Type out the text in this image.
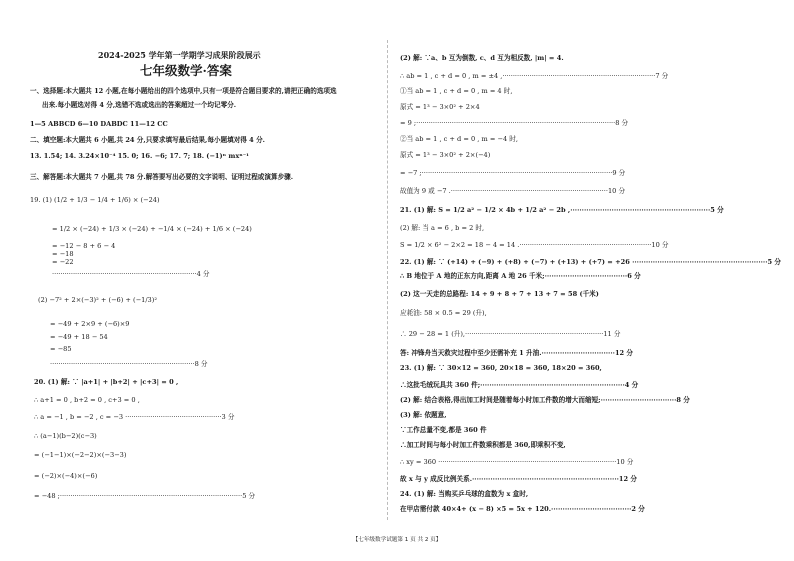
2024-2025 学年第一学期学习成果阶段展示
七年级数学·答案
一、选择题:本大题共 12 小题,在每小题给出的四个选项中,只有一项是符合题目要求的,请把正确的选项选
出来.每小题选对得 4 分,选错不选或选出的答案超过一个均记零分.
1—5 ABBCD 6—10 DABDC 11—12 CC
二、填空题:本大题共 6 小题,共 24 分,只要求填写最后结果,每小题填对得 4 分.
13. 1.54; 14. 3.24×10⁻⁴ 15. 0; 16. −6; 17. 7; 18. (−1)ⁿ mxⁿ⁻¹
三、解答题:本大题共 7 小题,共 78 分.解答要写出必要的文字说明、证明过程或演算步骤.
19. (1) (1/2 + 1/3 − 1/4 + 1/6) × (−24)
= 1/2 × (−24) + 1/3 × (−24) + −1/4 × (−24) + 1/6 × (−24)
= −12 − 8 + 6 − 4
= −18
= −22
·····································································4 分
(2) −7² + 2×(−3)² + (−6) + (−1/3)²
= −49 + 2×9 + (−6)×9
= −49 + 18 − 54
= −85
·····································································8 分
20. (1) 解: ∵ |a+1| + |b+2| + |c+3| = 0 ,
∴ a+1 = 0 , b+2 = 0 , c+3 = 0 ,
∴ a = −1 , b = −2 , c = −3 ··············································3 分
∴ (a−1)(b−2)(c−3)
= (−1−1)×(−2−2)×(−3−3)
= (−2)×(−4)×(−6)
= −48 ;·······················································································5 分
(2) 解: ∵a、b 互为倒数, c、d 互为相反数, |m| = 4.
∴ ab = 1 , c + d = 0 , m = ±4 ,·········································································7 分
①当 ab = 1 , c + d = 0 , m = 4 时,
原式 = 1³ − 3×0² + 2×4
= 9 ;·······························································································8 分
②当 ab = 1 , c + d = 0 , m = −4 时,
原式 = 1³ − 3×0² + 2×(−4)
= −7 ;···························································································9 分
故值为 9 或 −7 .···········································································10 分
21. (1) 解: S = 1/2 a² − 1/2 × 4b + 1/2 a² − 2b ,·····························································5 分
(2) 解: 当 a = 6 , b = 2 时,
S = 1/2 × 6² − 2×2 = 18 − 4 = 14 .·······························································10 分
22. (1) 解: ∵ (+14) + (−9) + (+8) + (−7) + (+13) + (+7) = +26 ···························································5 分
∴ B 地位于 A 地的正东方向,距离 A 地 26 千米;····································6 分
(2) 这一天走的总路程: 14 + 9 + 8 + 7 + 13 + 7 = 58 (千米)
应耗油: 58 × 0.5 = 29 (升),
∴ 29 − 28 = 1 (升),··································································11 分
答: 冲锋舟当天救灾过程中至少还需补充 1 升油.································12 分
23. (1) 解: ∵ 30×12 = 360, 20×18 = 360, 18×20 = 360,
∴这批毛绒玩具共 360 件;·······························································4 分
(2) 解: 结合表格,得出加工时间是随着每小时加工件数的增大而缩短;·································8 分
(3) 解: 依题意,
∵工作总量不变,都是 360 件
∴加工时间与每小时加工件数乘积都是 360,即乘积不变,
∴ xy = 360 ·····················································································10 分
故 x 与 y 成反比例关系.································································12 分
24. (1) 解: 当购买乒乓球的盒数为 x 盒时,
在甲店需付款 40×4+ (x − 8) ×5 = 5x + 120.···································2 分
【七年级数学试题第 1 页 共 2 页】
